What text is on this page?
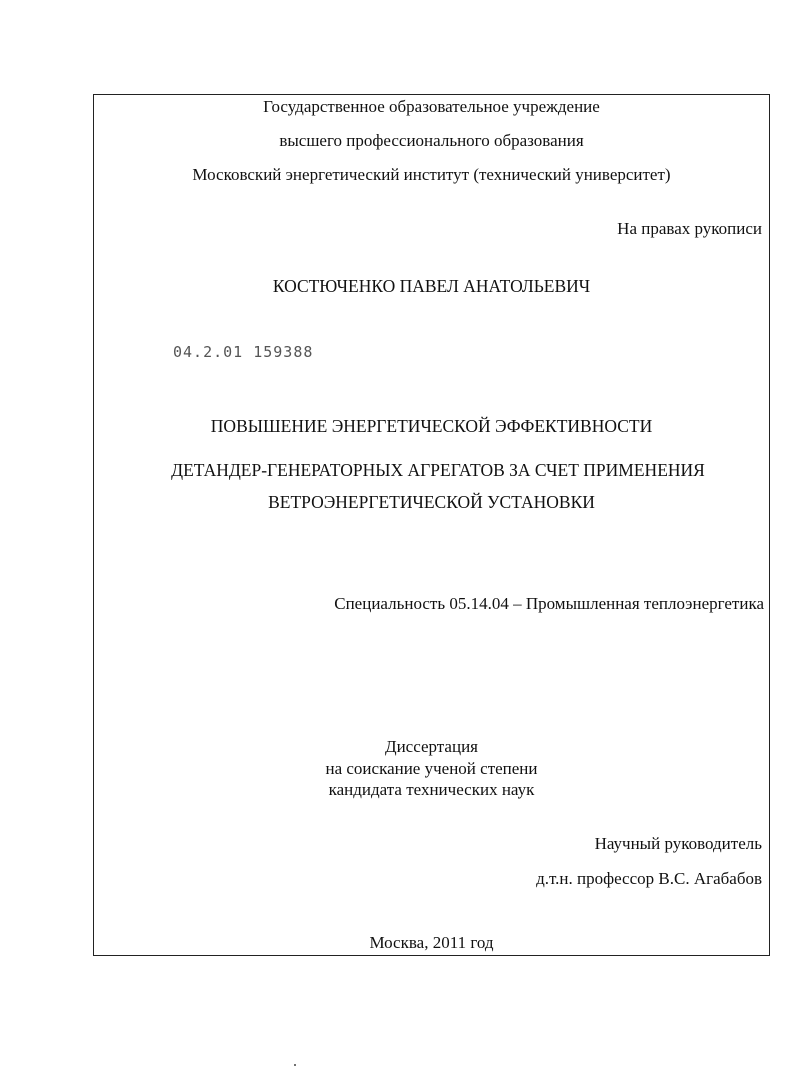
Государственное образовательное учреждение
высшего профессионального образования
Московский энергетический институт (технический университет)
На правах рукописи
КОСТЮЧЕНКО ПАВЕЛ АНАТОЛЬЕВИЧ
04.2.01 159388
ПОВЫШЕНИЕ ЭНЕРГЕТИЧЕСКОЙ ЭФФЕКТИВНОСТИ
ДЕТАНДЕР-ГЕНЕРАТОРНЫХ АГРЕГАТОВ ЗА СЧЕТ ПРИМЕНЕНИЯ
ВЕТРОЭНЕРГЕТИЧЕСКОЙ УСТАНОВКИ
Специальность 05.14.04 – Промышленная теплоэнергетика
Диссертация
на соискание ученой степени
кандидата технических наук
Научный руководитель
д.т.н. профессор В.С. Агабабов
Москва, 2011 год
